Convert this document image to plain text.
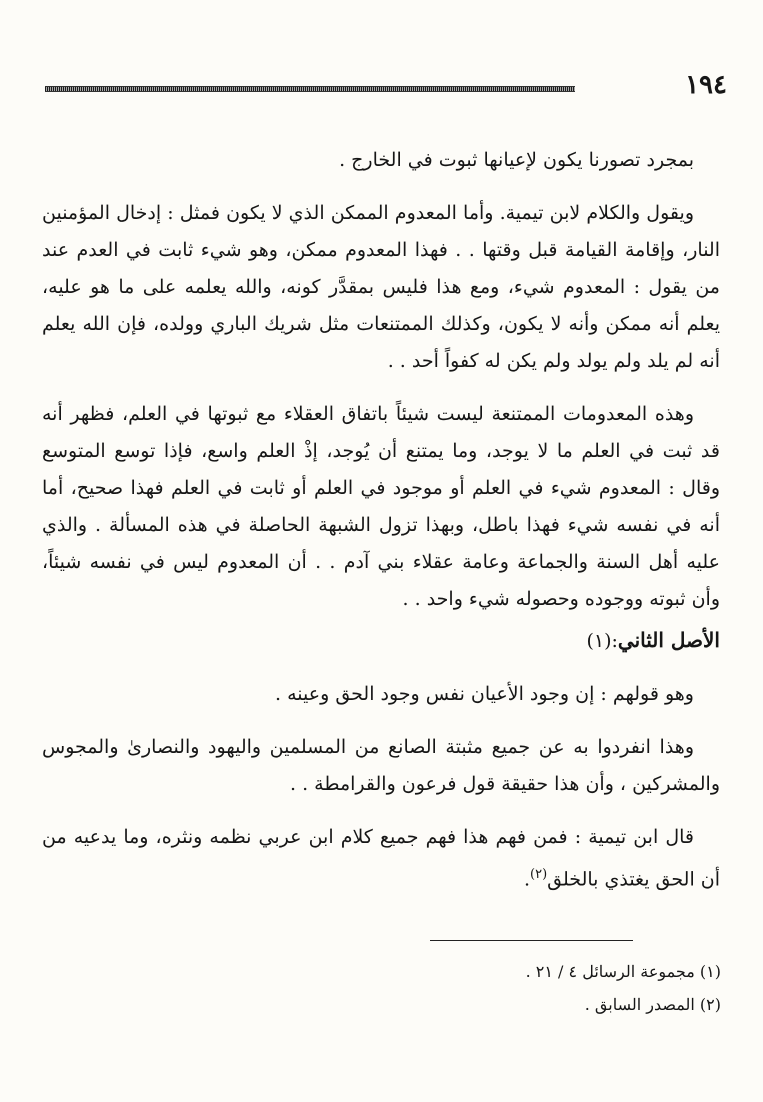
١٩٤

بمجرد تصورنا يكون لإعيانها ثبوت في الخارج .

ويقول والكلام لابن تيمية. وأما المعدوم الممكن الذي لا يكون فمثل : إدخال المؤمنين النار، وإقامة القيامة قبل وقتها . . فهذا المعدوم ممكن، وهو شيء ثابت في العدم عند من يقول : المعدوم شيء، ومع هذا فليس بمقدَّر كونه، والله يعلمه على ما هو عليه، يعلم أنه ممكن وأنه لا يكون، وكذلك الممتنعات مثل شريك الباري وولده، فإن الله يعلم أنه لم يلد ولم يولد ولم يكن له كفواً أحد . .

وهذه المعدومات الممتنعة ليست شيئاً باتفاق العقلاء مع ثبوتها في العلم، فظهر أنه قد ثبت في العلم ما لا يوجد، وما يمتنع أن يُوجد، إذْ العلم واسع، فإذا توسع المتوسع وقال : المعدوم شيء في العلم أو موجود في العلم أو ثابت في العلم فهذا صحيح، أما أنه في نفسه شيء فهذا باطل، وبهذا تزول الشبهة الحاصلة في هذه المسألة . والذي عليه أهل السنة والجماعة وعامة عقلاء بني آدم . . أن المعدوم ليس في نفسه شيئاً، وأن ثبوته ووجوده وحصوله شيء واحد . .

الأصل الثاني:(١)

وهو قولهم : إن وجود الأعيان نفس وجود الحق وعينه .

وهذا انفردوا به عن جميع مثبتة الصانع من المسلمين واليهود والنصارىٰ والمجوس والمشركين ، وأن هذا حقيقة قول فرعون والقرامطة . .

قال ابن تيمية : فمن فهم هذا فهم جميع كلام ابن عربي نظمه ونثره، وما يدعيه من أن الحق يغتذي بالخلق$^{(٢)}$.

(١) مجموعة الرسائل ٤ / ٢١ .

(٢) المصدر السابق .
